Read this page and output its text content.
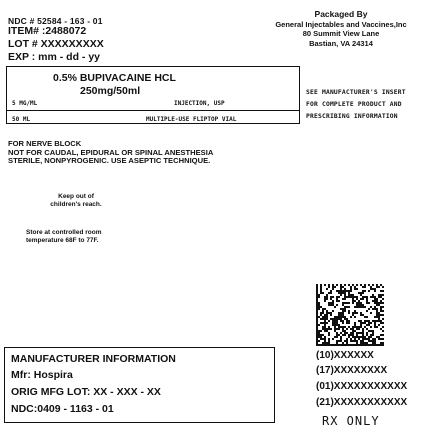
NDC # 52584 - 163 - 01
ITEM# :2488072
LOT # XXXXXXXXX
EXP : mm - dd - yy
Packaged By
General Injectables and Vaccines,Inc
80 Summit View Lane
Bastian, VA 24314
0.5% BUPIVACAINE HCL
250mg/50ml
5 MG/ML	INJECTION, USP
50 ML	MULTIPLE-USE FLIPTOP VIAL
SEE MANUFACTURER'S INSERT
FOR COMPLETE PRODUCT AND
PRESCRIBING INFORMATION
FOR NERVE BLOCK
NOT FOR CAUDAL, EPIDURAL OR SPINAL ANESTHESIA
STERILE, NONPYROGENIC. USE ASEPTIC TECHNIQUE.
Keep out of
children's reach.
Store at controlled room
temperature 68F to 77F.
MANUFACTURER INFORMATION
Mfr: Hospira
ORIG MFG LOT: XX - XXX - XX
NDC:0409 - 1163 - 01
(10)XXXXXX
(17)XXXXXXXX
(01)XXXXXXXXXXX
(21)XXXXXXXXXXX
RX ONLY
